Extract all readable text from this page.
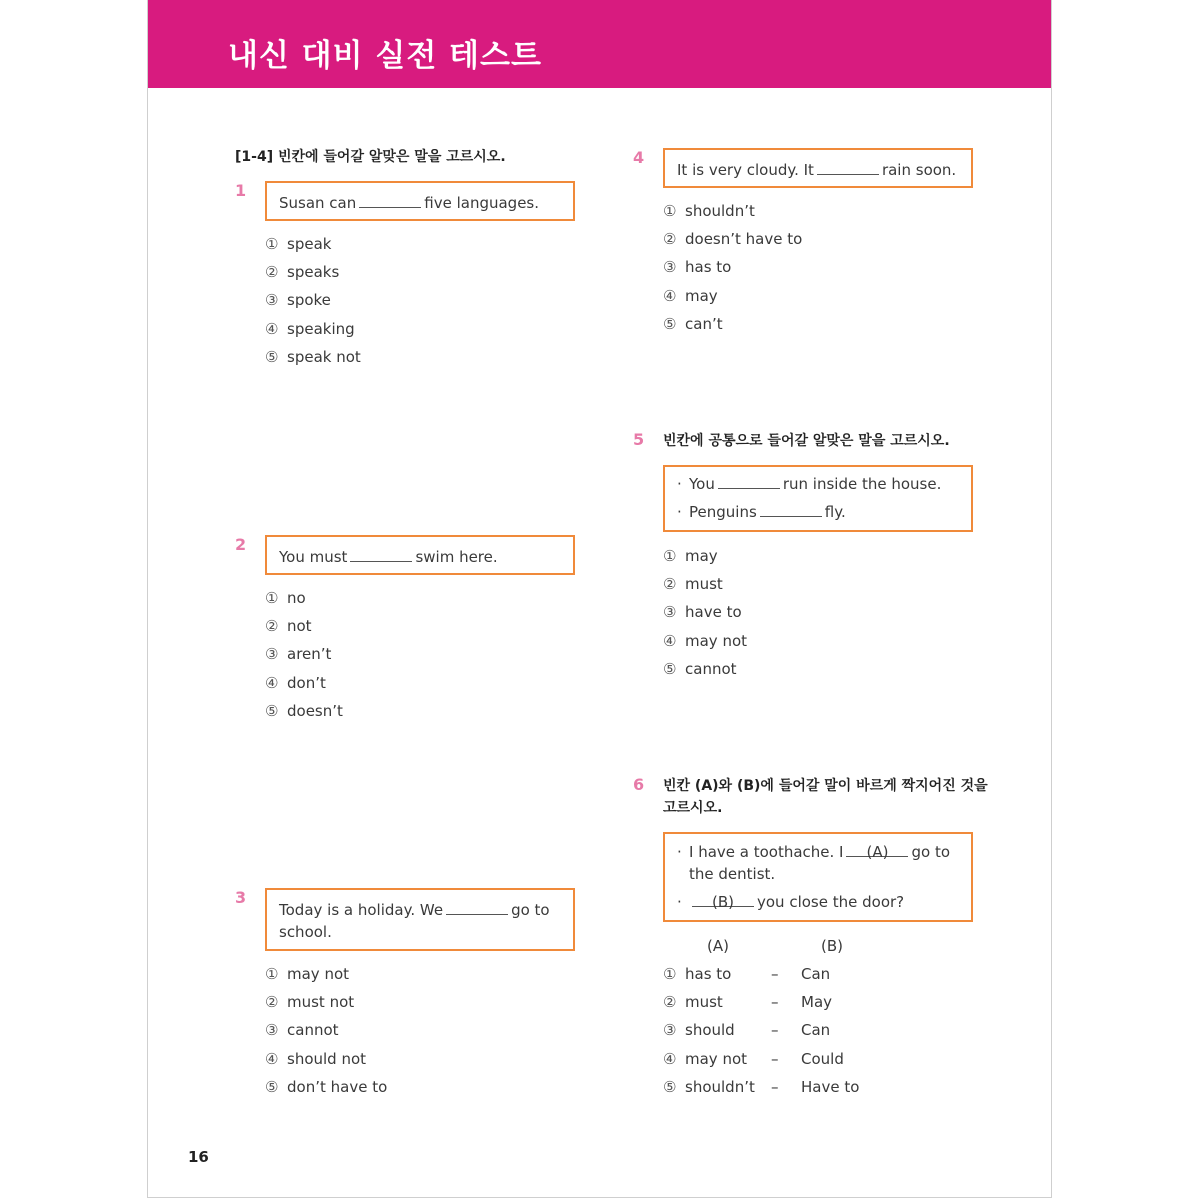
내신 대비 실전 테스트
[1-4] 빈칸에 들어갈 알맞은 말을 고르시오.
1
Susan can	five languages.
① speak
② speaks
③ spoke
④ speaking
⑤ speak not
2
You must	swim here.
① no
② not
③ aren’t
④ don’t
⑤ doesn’t
3
Today is a holiday. We	go to
school.
① may not
② must not
③ cannot
④ should not
⑤ don’t have to
4
It is very cloudy. It	rain soon.
① shouldn’t
② doesn’t have to
③ has to
④ may
⑤ can’t
5 빈칸에 공통으로 들어갈 알맞은 말을 고르시오.
· You	run inside the house.
· Penguins	fly.
① may
② must
③ have to
④ may not
⑤ cannot
6 빈칸 (A)와 (B)에 들어갈 말이 바르게 짝지어진 것을
고르시오.
· I have a toothache. I (A) go to
the dentist.
· (B) you close the door?
(A)	(B)
① has to	– Can
② must	– May
③ should – Can
④ may not – Could
⑤ shouldn’t – Have to
16
